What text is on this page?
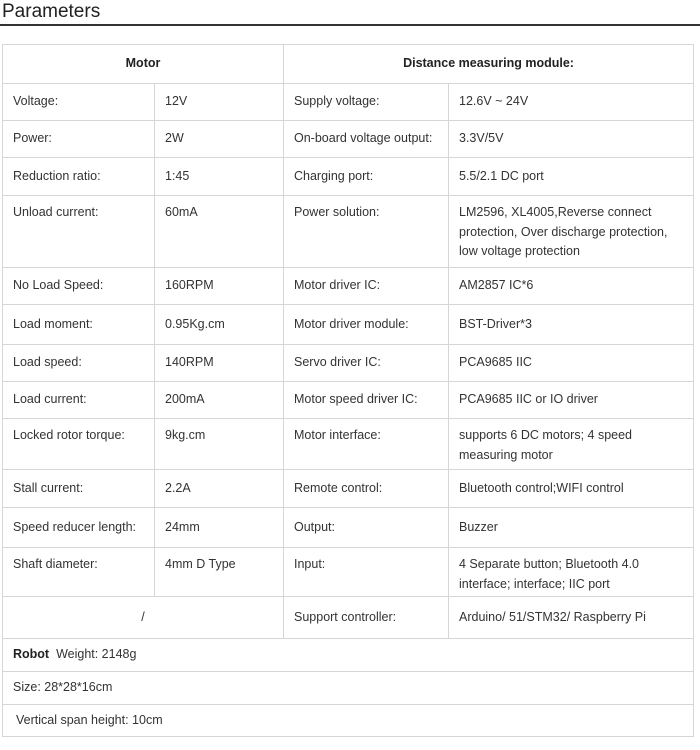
Parameters
Motor		Distance measuring module:	
Voltage:	12V	Supply voltage:	12.6V ~ 24V
Power:	2W	On-board voltage output:	3.3V/5V
Reduction ratio:	1:45	Charging port:	5.5/2.1 DC port
Unload current:	60mA	Power solution:	LM2596, XL4005,Reverse connect protection, Over discharge protection, low voltage protection
No Load Speed:	160RPM	Motor driver IC:	AM2857 IC*6
Load moment:	0.95Kg.cm	Motor driver module:	BST-Driver*3
Load speed:	140RPM	Servo driver IC:	PCA9685 IIC
Load current:	200mA	Motor speed driver IC:	PCA9685 IIC or IO driver
Locked rotor torque:	9kg.cm	Motor interface:	supports 6 DC motors; 4 speed measuring motor
Stall current:	2.2A	Remote control:	Bluetooth control;WIFI control
Speed reducer length:	24mm	Output:	Buzzer
Shaft diameter:	4mm D Type	Input:	4 Separate button; Bluetooth 4.0 interface; interface; IIC port
/		Support controller:	Arduino/ 51/STM32/ Raspberry Pi
Robot Weight: 2148g			
Size: 28*28*16cm			
Vertical span height: 10cm			
